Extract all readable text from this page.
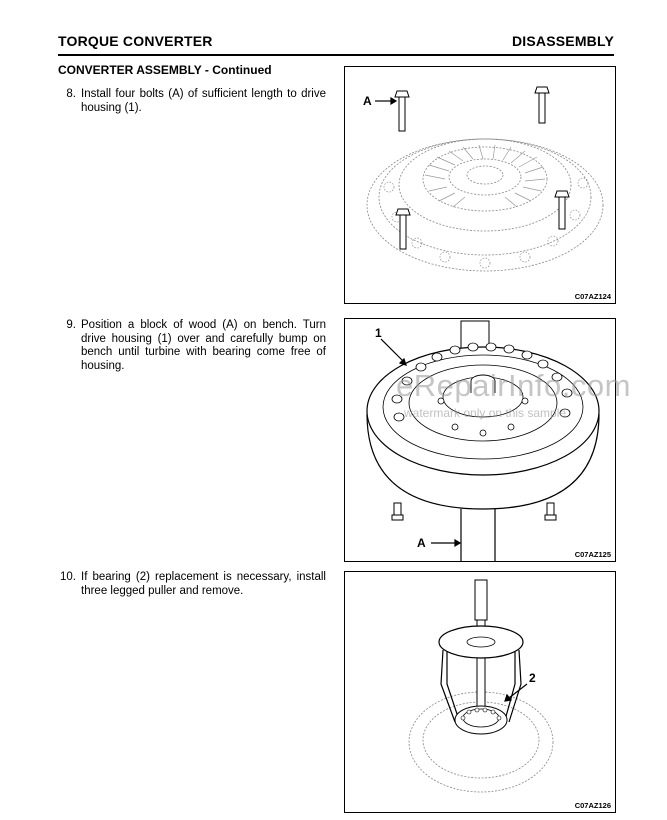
TORQUE CONVERTER	DISASSEMBLY
CONVERTER ASSEMBLY - Continued
8. Install four bolts (A) of sufficient length to drive housing (1).
9. Position a block of wood (A) on bench. Turn drive housing (1) over and carefully bump on bench until turbine with bearing come free of housing.
10. If bearing (2) replacement is necessary, install three legged puller and remove.
A
C07AZ124
1
A
C07AZ125
2
C07AZ126
eRepairInfo.com
watermark only on this sample
